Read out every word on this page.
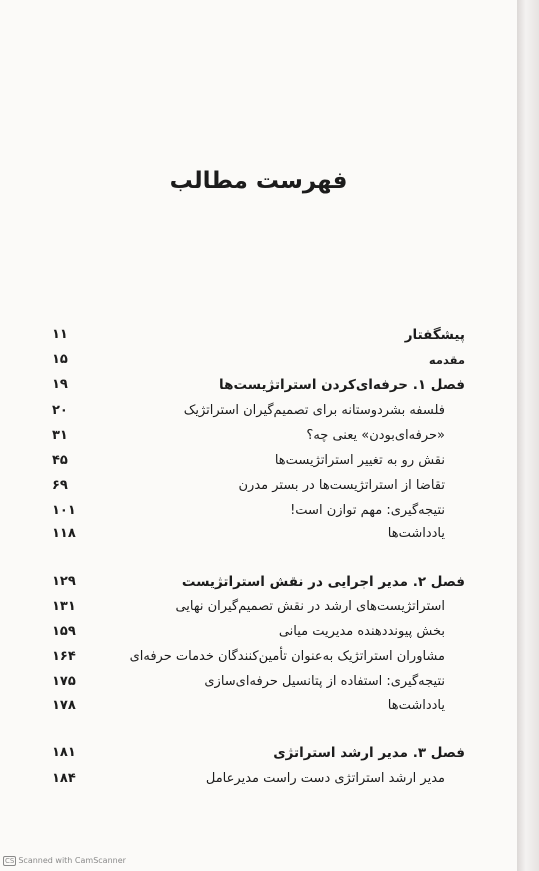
فهرست مطالب
پیشگفتار
۱۱
مقدمه
۱۵
فصل ۱. حرفه‌ای‌کردن استراتژیست‌ها
۱۹
فلسفه بشردوستانه برای تصمیم‌گیران استراتژیک
۲۰
«حرفه‌ای‌بودن» یعنی چه؟
۳۱
نقش رو به تغییر استراتژیست‌ها
۴۵
تقاضا از استراتژیست‌ها در بستر مدرن
۶۹
نتیجه‌گیری: مهم توازن است!
۱۰۱
یادداشت‌ها
۱۱۸
فصل ۲. مدیر اجرایی در نقش استراتژیست
۱۲۹
استراتژیست‌های ارشد در نقش تصمیم‌گیران نهایی
۱۳۱
بخش پیوند‌دهنده مدیریت میانی
۱۵۹
مشاوران استراتژیک به‌عنوان تأمین‌کنندگان خدمات حرفه‌ای
۱۶۴
نتیجه‌گیری: استفاده از پتانسیل حرفه‌ای‌سازی
۱۷۵
یادداشت‌ها
۱۷۸
فصل ۳. مدیر ارشد استراتژی
۱۸۱
مدیر ارشد استراتژی دست راست مدیرعامل
۱۸۴
CS Scanned with CamScanner
